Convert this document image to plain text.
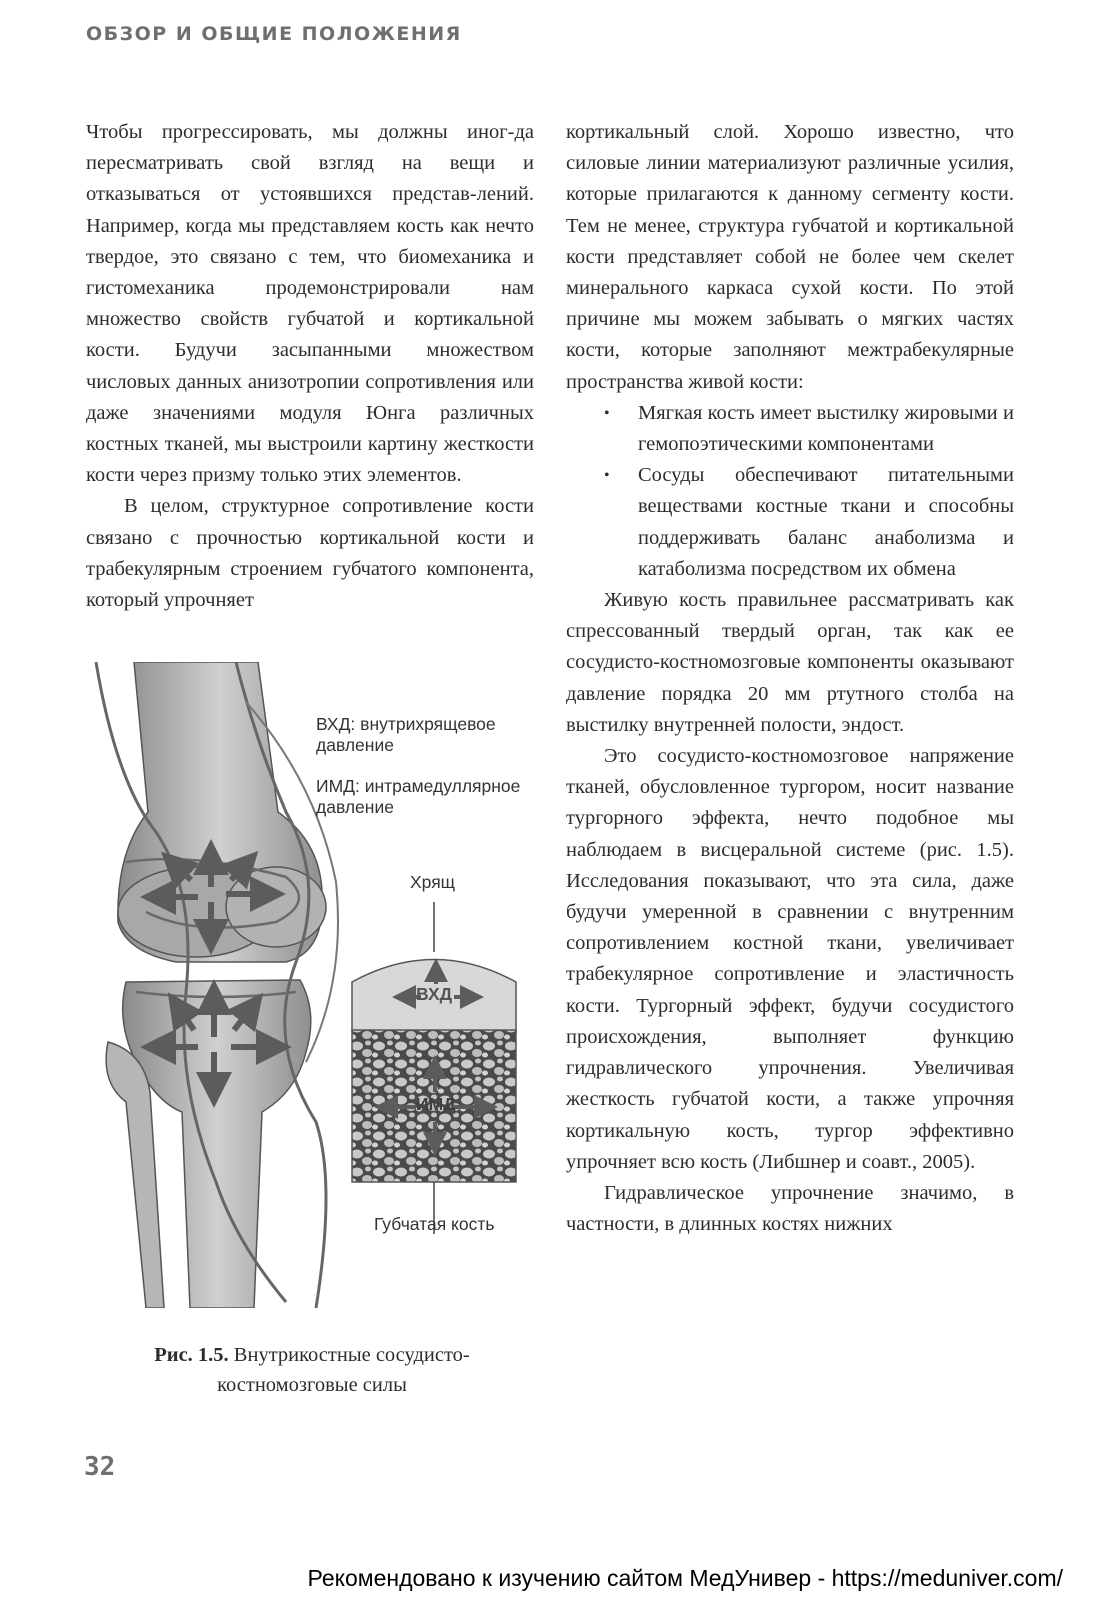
ОБЗОР И ОБЩИЕ ПОЛОЖЕНИЯ

Чтобы прогрессировать, мы должны иног-да пересматривать свой взгляд на вещи и отказываться от устоявшихся представ-лений. Например, когда мы представляем кость как нечто твердое, это связано с тем, что биомеханика и гистомеханика продемонстрировали нам множество свойств губчатой и кортикальной кости. Будучи засыпанными множеством числовых данных анизотропии сопротивления или даже значениями модуля Юнга различных костных тканей, мы выстроили картину жесткости кости через призму только этих элементов.

В целом, структурное сопротивление кости связано с прочностью кортикальной кости и трабекулярным строением губчатого компонента, который упрочняет

кортикальный слой. Хорошо известно, что силовые линии материализуют различные усилия, которые прилагаются к данному сегменту кости. Тем не менее, структура губчатой и кортикальной кости представляет собой не более чем скелет минерального каркаса сухой кости. По этой причине мы можем забывать о мягких частях кости, которые заполняют межтрабекулярные пространства живой кости:

• Мягкая кость имеет выстилку жировыми и гемопоэтическими компонентами
• Сосуды обеспечивают питательными веществами костные ткани и способны поддерживать баланс анаболизма и катаболизма посредством их обмена

Живую кость правильнее рассматривать как спрессованный твердый орган, так как ее сосудисто-костномозговые компоненты оказывают давление порядка 20 мм ртутного столба на выстилку внутренней полости, эндост.

Это сосудисто-костномозговое напряжение тканей, обусловленное тургором, носит название тургорного эффекта, нечто подобное мы наблюдаем в висцеральной системе (рис. 1.5). Исследования показывают, что эта сила, даже будучи умеренной в сравнении с внутренним сопротивлением костной ткани, увеличивает трабекулярное сопротивление и эластичность кости. Тургорный эффект, будучи сосудистого происхождения, выполняет функцию гидравлического упрочнения. Увеличивая жесткость губчатой кости, а также упрочняя кортикальную кость, тургор эффективно упрочняет всю кость (Либшнер и соавт., 2005).

Гидравлическое упрочнение значимо, в частности, в длинных костях нижних

ВХД: внутрихрящевое
давление
ИМД: интрамедуллярное
давление
Хрящ
ВХД
ИМД
Губчатая кость
Рис. 1.5. Внутрикостные сосудисто-
костномозговые силы
32
Рекомендовано к изучению сайтом МедУнивер - https://meduniver.com/
